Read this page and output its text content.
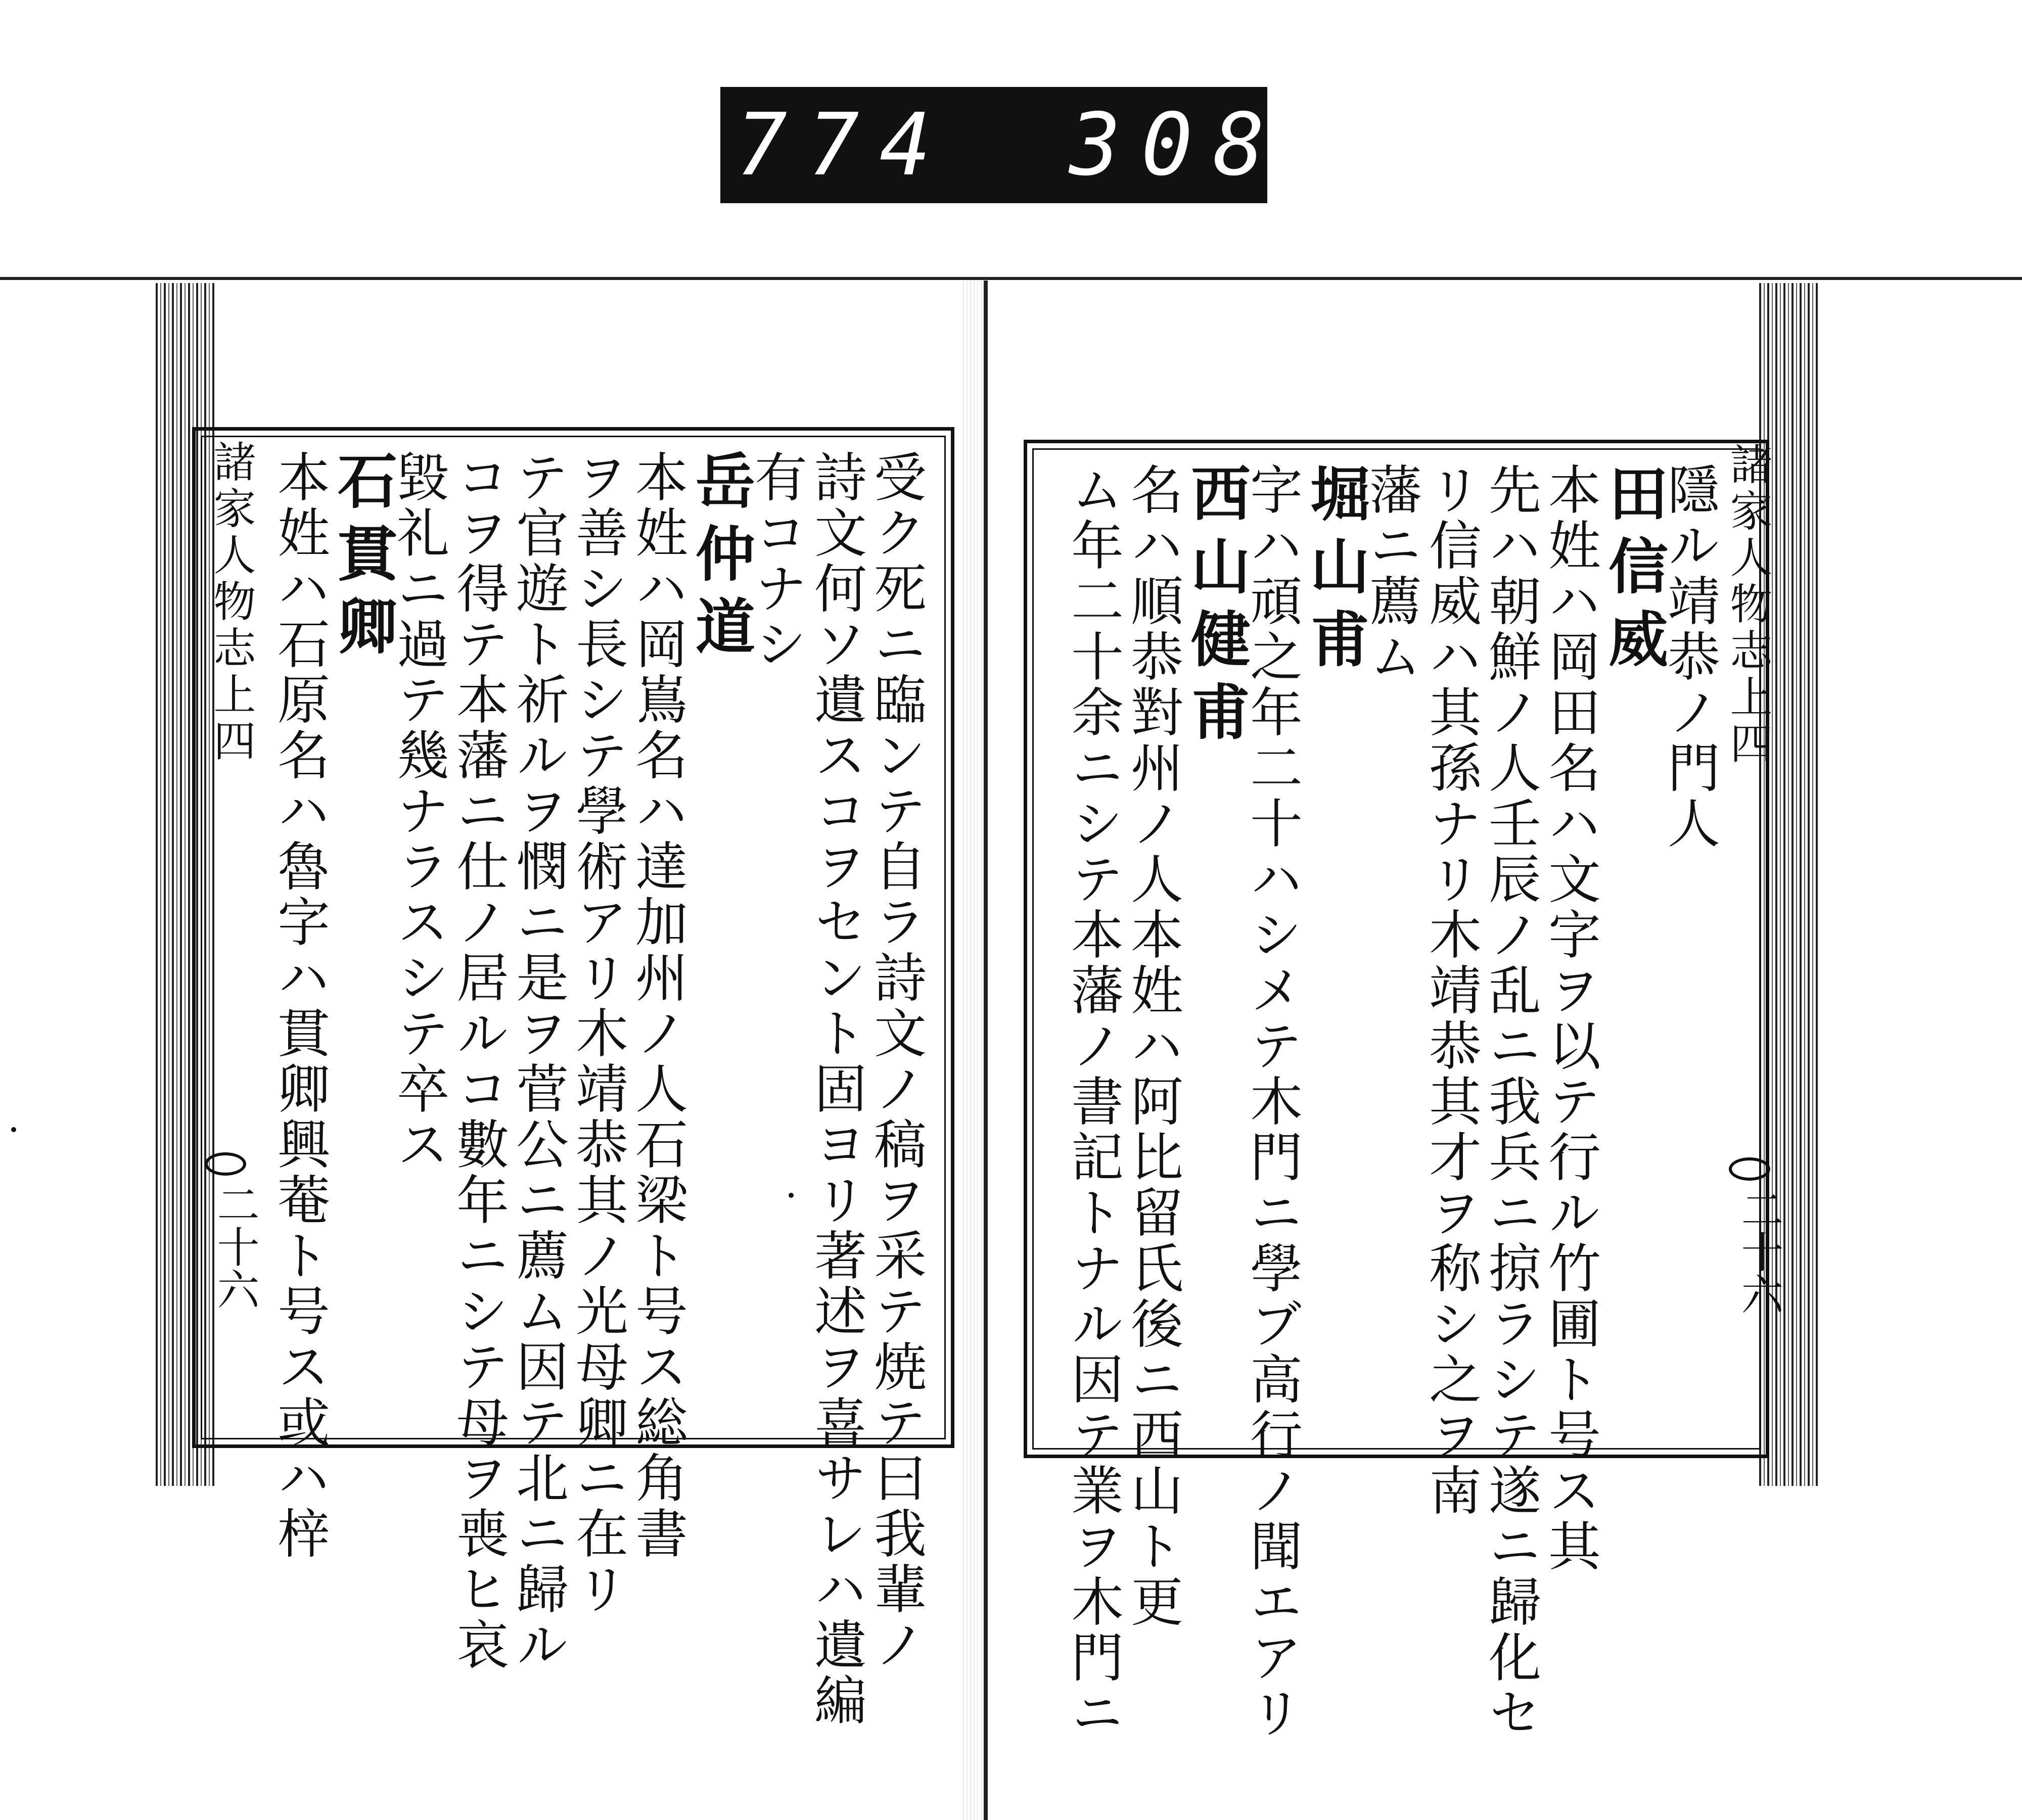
774 308.
諸家人物志上四
二十六	受ク死ニ臨ンテ自ラ詩文ノ稿ヲ采テ焼テ曰我輩ノ
詩文何ソ遺スコヲセント固ヨリ著述ヲ喜サレハ遺編
有コナシ
岳仲道
本姓ハ岡嶌名ハ達加州ノ人石梁ト号ス総角書
ヲ善シ長シテ學術アリ木靖恭其ノ光母卿ニ在リ
テ官遊ト祈ルヲ憫ニ是ヲ菅公ニ薦ム因テ北ニ歸ル
コヲ得テ本藩ニ仕ノ居ルコ數年ニシテ母ヲ喪ヒ哀
毀礼ニ過テ幾ナラスシテ卒ス
石貫卿
本姓ハ石原名ハ魯字ハ貫卿興菴ト号ス或ハ梓	諸家人物志上四
二十六
隱ル靖恭ノ門人
田信威
本姓ハ岡田名ハ文字ヲ以テ行ル竹圃ト号ス其
先ハ朝鮮ノ人壬辰ノ乱ニ我兵ニ掠ラシテ遂ニ歸化セ
リ信威ハ其孫ナリ木靖恭其才ヲ称シ之ヲ南
藩ニ薦ム
堀山甫
字ハ頑之年二十ハシメテ木門ニ學ブ高行ノ聞エアリ
西山健甫
名ハ順恭對州ノ人本姓ハ阿比留氏後ニ西山ト更
ム年二十余ニシテ本藩ノ書記トナル因テ業ヲ木門ニ
